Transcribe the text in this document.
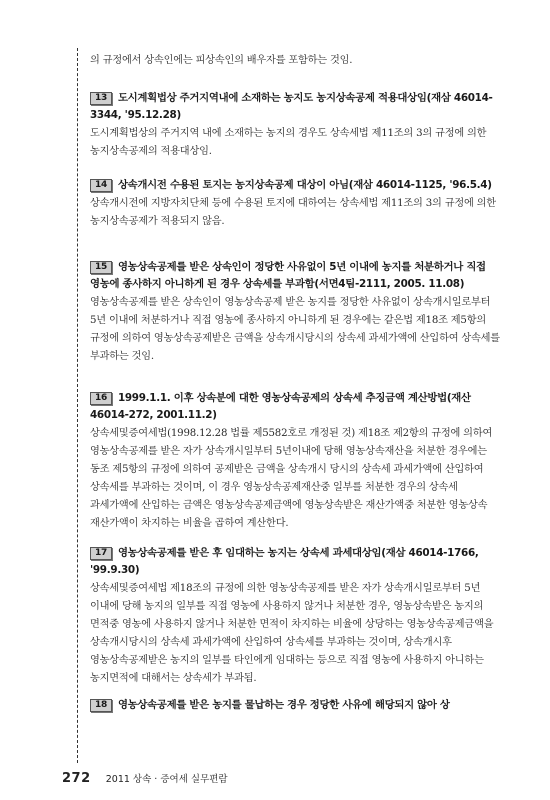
의 규정에서 상속인에는 피상속인의 배우자를 포함하는 것임.

13 도시계획법상 주거지역내에 소재하는 농지도 농지상속공제 적용대상임(재삼 46014-3344, '95.12.28)

도시계획법상의 주거지역 내에 소재하는 농지의 경우도 상속세법 제11조의 3의 규정에 의한 농지상속공제의 적용대상임.

14 상속개시전 수용된 토지는 농지상속공제 대상이 아님(재삼 46014-1125, '96.5.4)

상속개시전에 지방자치단체 등에 수용된 토지에 대하여는 상속세법 제11조의 3의 규정에 의한 농지상속공제가 적용되지 않음.

15 영농상속공제를 받은 상속인이 정당한 사유없이 5년 이내에 농지를 처분하거나 직접 영농에 종사하지 아니하게 된 경우 상속세를 부과함(서면4팀-2111, 2005. 11.08)

영농상속공제를 받은 상속인이 영농상속공제 받은 농지를 정당한 사유없이 상속개시일로부터 5년 이내에 처분하거나 직접 영농에 종사하지 아니하게 된 경우에는 같은법 제18조 제5항의 규정에 의하여 영농상속공제받은 금액을 상속개시당시의 상속세 과세가액에 산입하여 상속세를 부과하는 것임.

16 1999.1.1. 이후 상속분에 대한 영농상속공제의 상속세 추징금액 계산방법(재산 46014-272, 2001.11.2)

상속세및증여세법(1998.12.28 법률 제5582호로 개정된 것) 제18조 제2항의 규정에 의하여 영농상속공제를 받은 자가 상속개시일부터 5년이내에 당해 영농상속재산을 처분한 경우에는 동조 제5항의 규정에 의하여 공제받은 금액을 상속개시 당시의 상속세 과세가액에 산입하여 상속세를 부과하는 것이며, 이 경우 영농상속공제재산중 일부를 처분한 경우의 상속세 과세가액에 산입하는 금액은 영농상속공제금액에 영농상속받은 재산가액중 처분한 영농상속 재산가액이 차지하는 비율을 곱하여 계산한다.

17 영농상속공제를 받은 후 임대하는 농지는 상속세 과세대상임(재삼 46014-1766, '99.9.30)

상속세및증여세법 제18조의 규정에 의한 영농상속공제를 받은 자가 상속개시일로부터 5년 이내에 당해 농지의 일부를 직접 영농에 사용하지 않거나 처분한 경우, 영농상속받은 농지의 면적중 영농에 사용하지 않거나 처분한 면적이 차지하는 비율에 상당하는 영농상속공제금액을 상속개시당시의 상속세 과세가액에 산입하여 상속세를 부과하는 것이며, 상속개시후 영농상속공제받은 농지의 일부를 타인에게 임대하는 등으로 직접 영농에 사용하지 아니하는 농지면적에 대해서는 상속세가 부과됨.

18 영농상속공제를 받은 농지를 물납하는 경우 정당한 사유에 해당되지 않아 상

272 2011 상속 · 증여세 실무편람
